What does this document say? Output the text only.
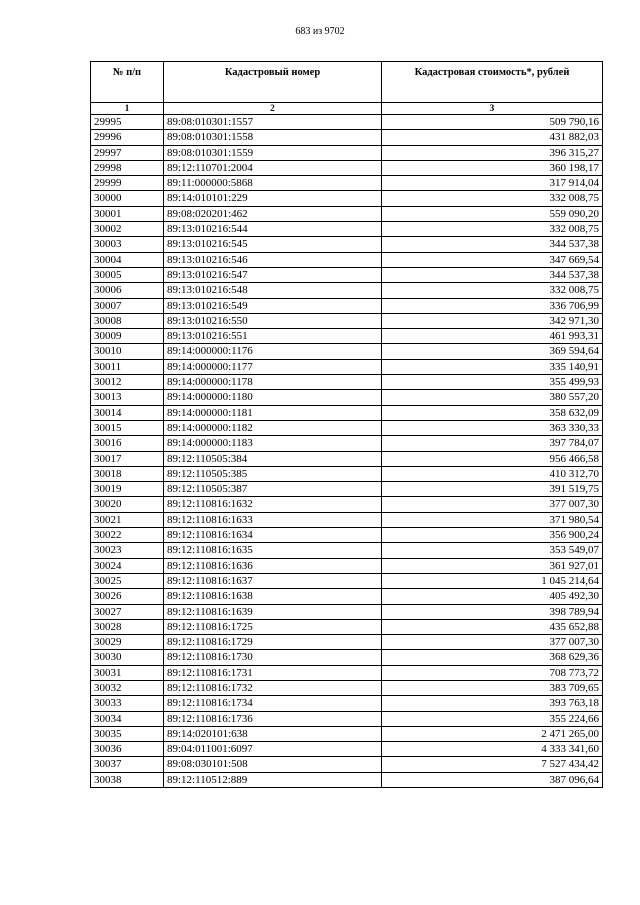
683 из 9702
№ п/п	Кадастровый номер	Кадастровая стоимость*, рублей
1	2	3
29995	89:08:010301:1557	509 790,16
29996	89:08:010301:1558	431 882,03
29997	89:08:010301:1559	396 315,27
29998	89:12:110701:2004	360 198,17
29999	89:11:000000:5868	317 914,04
30000	89:14:010101:229	332 008,75
30001	89:08:020201:462	559 090,20
30002	89:13:010216:544	332 008,75
30003	89:13:010216:545	344 537,38
30004	89:13:010216:546	347 669,54
30005	89:13:010216:547	344 537,38
30006	89:13:010216:548	332 008,75
30007	89:13:010216:549	336 706,99
30008	89:13:010216:550	342 971,30
30009	89:13:010216:551	461 993,31
30010	89:14:000000:1176	369 594,64
30011	89:14:000000:1177	335 140,91
30012	89:14:000000:1178	355 499,93
30013	89:14:000000:1180	380 557,20
30014	89:14:000000:1181	358 632,09
30015	89:14:000000:1182	363 330,33
30016	89:14:000000:1183	397 784,07
30017	89:12:110505:384	956 466,58
30018	89:12:110505:385	410 312,70
30019	89:12:110505:387	391 519,75
30020	89:12:110816:1632	377 007,30
30021	89:12:110816:1633	371 980,54
30022	89:12:110816:1634	356 900,24
30023	89:12:110816:1635	353 549,07
30024	89:12:110816:1636	361 927,01
30025	89:12:110816:1637	1 045 214,64
30026	89:12:110816:1638	405 492,30
30027	89:12:110816:1639	398 789,94
30028	89:12:110816:1725	435 652,88
30029	89:12:110816:1729	377 007,30
30030	89:12:110816:1730	368 629,36
30031	89:12:110816:1731	708 773,72
30032	89:12:110816:1732	383 709,65
30033	89:12:110816:1734	393 763,18
30034	89:12:110816:1736	355 224,66
30035	89:14:020101:638	2 471 265,00
30036	89:04:011001:6097	4 333 341,60
30037	89:08:030101:508	7 527 434,42
30038	89:12:110512:889	387 096,64
